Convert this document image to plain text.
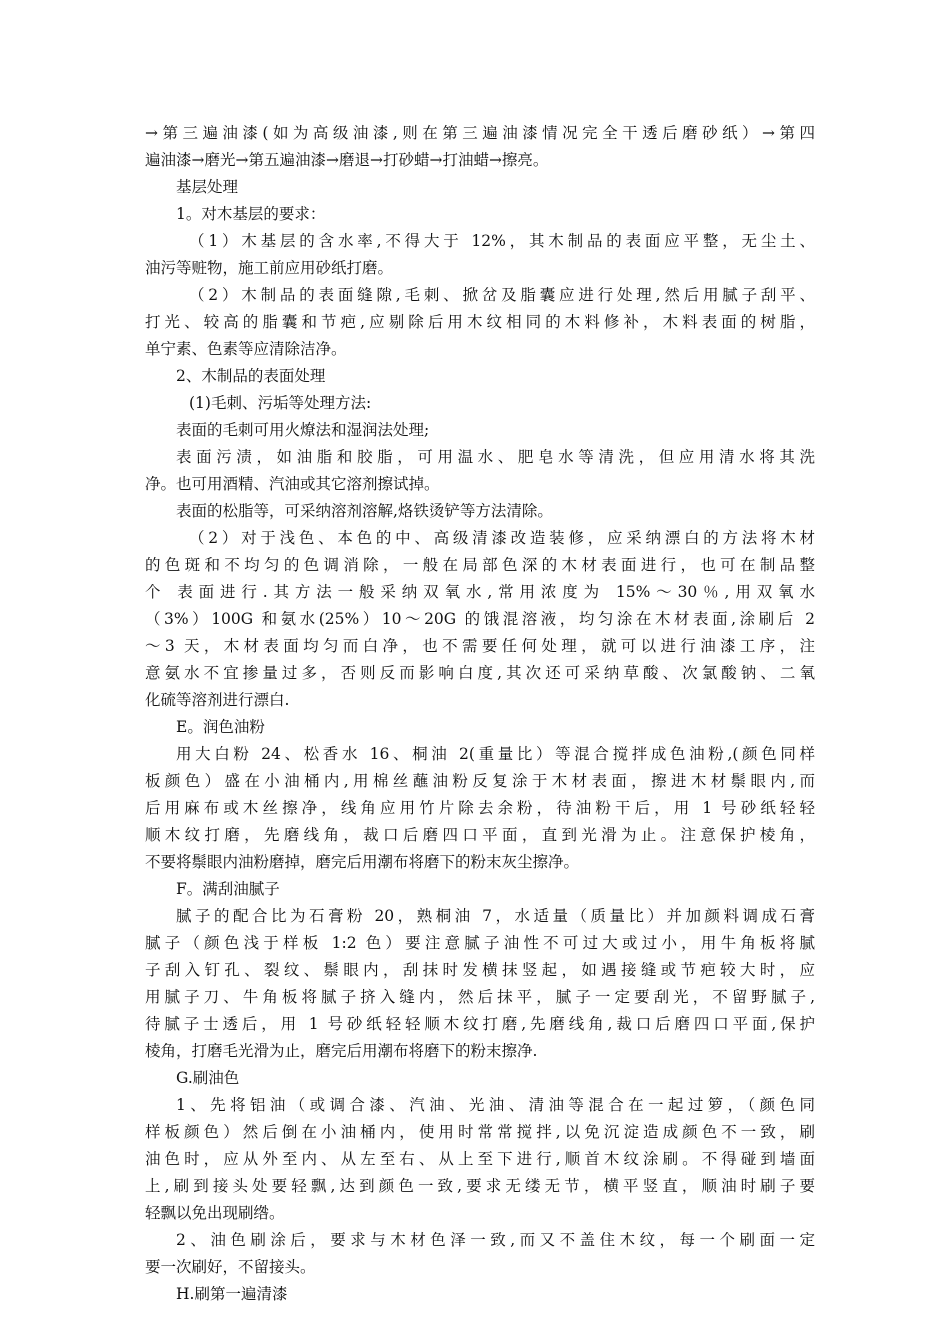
→第三遍油漆(如为高级油漆,则在第三遍油漆情况完全干透后磨砂纸）→第四
遍油漆→磨光→第五遍油漆→磨退→打砂蜡→打油蜡→擦亮。
基层处理
1。对木基层的要求：
（1）木基层的含水率,不得大于 12%，其木制品的表面应平整，无尘土、
油污等赃物，施工前应用砂纸打磨。
（2）木制品的表面缝隙,毛刺、掀岔及脂囊应进行处理,然后用腻子刮平、
打光、较高的脂囊和节疤,应剔除后用木纹相同的木料修补，木料表面的树脂，
单宁素、色素等应清除洁净。
2、木制品的表面处理
(1)毛刺、污垢等处理方法:
表面的毛刺可用火燎法和湿润法处理;
表面污渍，如油脂和胶脂，可用温水、肥皂水等清洗，但应用清水将其洗
净。也可用酒精、汽油或其它溶剂擦试掉。
表面的松脂等，可采纳溶剂溶解,烙铁烫铲等方法清除。
（2）对于浅色、本色的中、高级清漆改造装修，应采纳漂白的方法将木材
的色斑和不均匀的色调消除，一般在局部色深的木材表面进行，也可在制品整
个 表面进行.其方法一般采纳双氧水,常用浓度为 15%～30％,用双氧水
（3%）100G 和氨水(25%）10～20G 的饿混溶液，均匀涂在木材表面,涂刷后 2
～3 天，木材表面均匀而白净，也不需要任何处理，就可以进行油漆工序，注
意氨水不宜掺量过多，否则反而影响白度,其次还可采纳草酸、次氯酸钠、二氧
化硫等溶剂进行漂白.
E。润色油粉
用大白粉 24、松香水 16、桐油 2(重量比）等混合搅拌成色油粉,(颜色同样
板颜色）盛在小油桶内,用棉丝蘸油粉反复涂于木材表面，擦进木材鬃眼内,而
后用麻布或木丝擦净，线角应用竹片除去余粉，待油粉干后，用 1 号砂纸轻轻
顺木纹打磨，先磨线角，裁口后磨四口平面，直到光滑为止。注意保护棱角，
不要将鬃眼内油粉磨掉，磨完后用潮布将磨下的粉末灰尘擦净。
F。满刮油腻子
腻子的配合比为石膏粉 20，熟桐油 7，水适量（质量比）并加颜料调成石膏
腻子（颜色浅于样板 1:2 色）要注意腻子油性不可过大或过小，用牛角板将腻
子刮入钉孔、裂纹、鬃眼内，刮抹时发横抹竖起，如遇接缝或节疤较大时，应
用腻子刀、牛角板将腻子挤入缝内，然后抹平，腻子一定要刮光，不留野腻子,
待腻子士透后，用 1 号砂纸轻轻顺木纹打磨,先磨线角,裁口后磨四口平面,保护
棱角，打磨毛光滑为止，磨完后用潮布将磨下的粉末擦净.
G.刷油色
1、先将铝油（或调合漆、汽油、光油、清油等混合在一起过箩，（颜色同
样板颜色）然后倒在小油桶内，使用时常常搅拌,以免沉淀造成颜色不一致，刷
油色时，应从外至内、从左至右、从上至下进行,顺首木纹涂刷。不得碰到墙面
上,刷到接头处要轻飘,达到颜色一致,要求无缕无节，横平竖直，顺油时刷子要
轻飘以免出现刷绺。
2、油色刷涂后，要求与木材色泽一致,而又不盖住木纹，每一个刷面一定
要一次刷好，不留接头。
H.刷第一遍清漆
